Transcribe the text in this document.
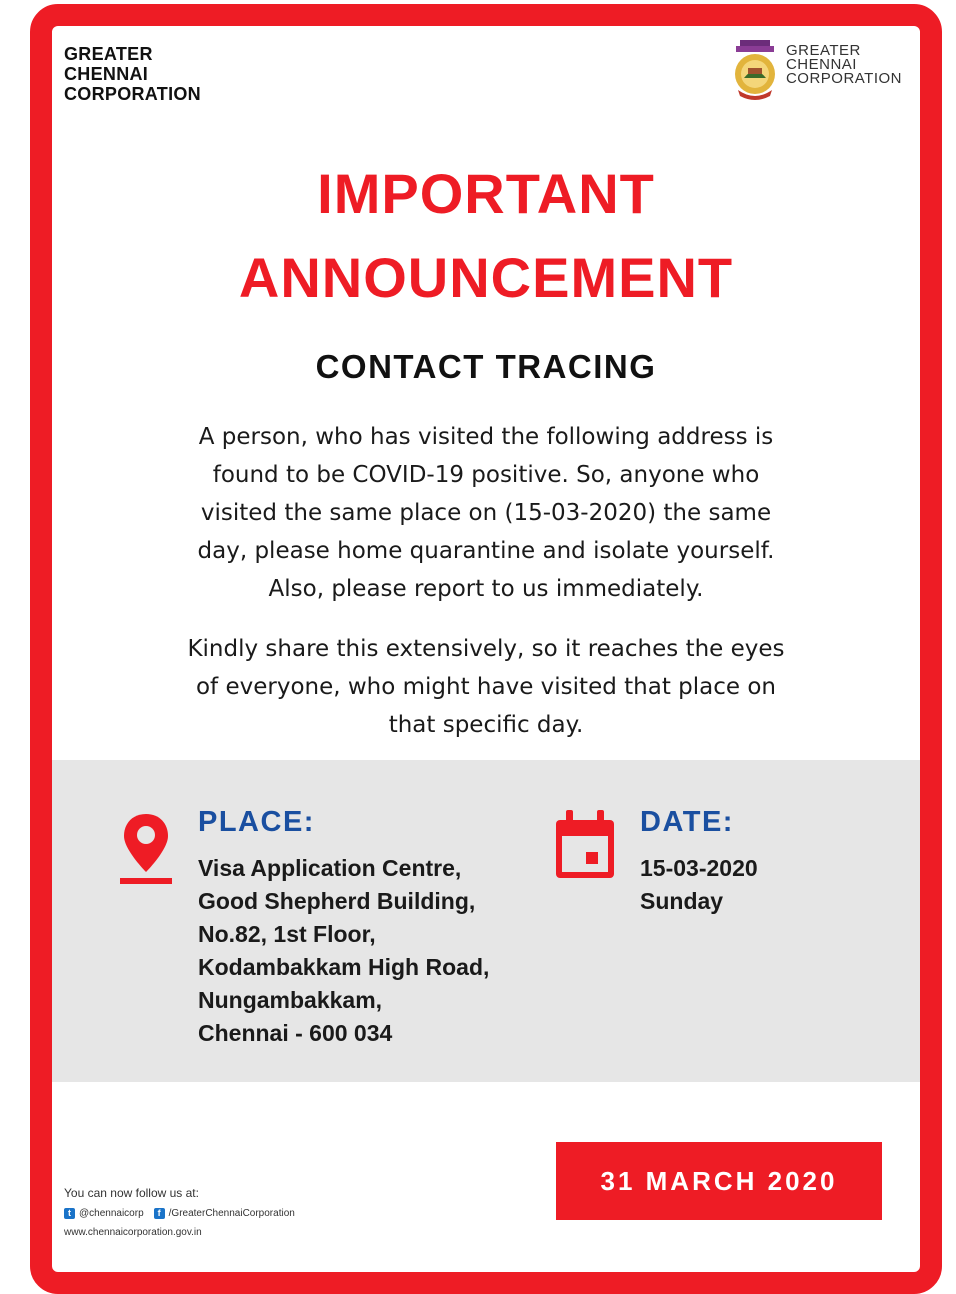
GREATER
CHENNAI
CORPORATION
GREATER
CHENNAI
CORPORATION
IMPORTANT
ANNOUNCEMENT
CONTACT TRACING

A person, who has visited the following address is
found to be COVID-19 positive. So, anyone who
visited the same place on (15-03-2020) the same
day, please home quarantine and isolate yourself.
Also, please report to us immediately.

Kindly share this extensively, so it reaches the eyes
of everyone, who might have visited that place on
that specific day.

PLACE:
Visa Application Centre,
Good Shepherd Building,
No.82, 1st Floor,
Kodambakkam High Road,
Nungambakkam,
Chennai - 600 034
DATE:
15-03-2020
Sunday
You can now follow us at:
t @chennaicorp	f /GreaterChennaiCorporation
www.chennaicorporation.gov.in
31 MARCH 2020
